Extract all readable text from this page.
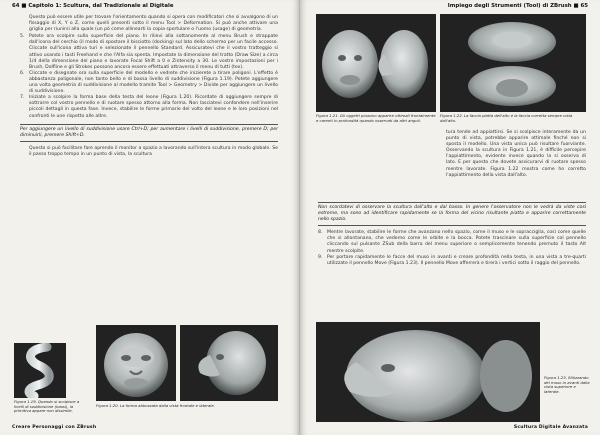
64 ■ Capitolo 1: Scultura, dal Tradizionale al Digitale

Questo può essere utile per trovare l'orientamento quando si opera con modificatori che si avvalgono di un fissaggio di X, Y o Z, come quelli presenti sotto il menu Tool > Deformation. Si può anche attivare una griglia per riunirsi alla quale (un pò come allinearti la copia sportulare o l'uomo (usage) di geometria.

5.	Potete ora scolpire sulla superficie del piano. In rilievi alla sottanomente al menu Brush e strappate dall'icona del cerchio (il modo di spostare il bisciotto (docking) sul lato dello schermo per un facile accesso. Cliccate sull'icona attiva turi e selezionate il pennello Standard. Assicuratevi che il vostro tratteggio si attivo usando i tasti Freehand e che l'Alfa sia spenta. Impostate la dimensione del tratto (Draw Size) a circa 1/4 della dimensione del piano e lavorate Focal Shift a 0 e Zintensity a 30. Le vostre impostazioni per i Brush, Dolfline e gli Strokes possono ancora essere effettuati attraverso il menu di tutti (tex).
6.	Cliccate e disegnate ora sulla superficie del modello e vedrete che inizierete a tirare poligoni. L'effetto è abbastanza poligonale, non tanto bello e di bassa livello di suddivisione (Figura 1.19). Potete aggiungere una volta geometria di suddivisione al modello tramite Tool > Geometry > Divide per aggiungere un livello di suddivisione.
7.	Iniziate a scolpire la forma base della testa del leone (Figura 1.20). Ricordate di aggiungere sempre di sottrarre col vostro pennello e di ruotare spesso attorno alla forma. Non lasciatevi confondere nell'inserire piccoli dettagli in questa fase. Invece, stabilire le forme primarie del volto del leone e le loro posizioni nel confronti le une rispetto alle altre.
Per aggiungere un livello di suddivisione usare Ctrl+D; per aumentare i livelli di suddivisione, premere D; per diminuirli, premere Shift+D.

Questo si può facilitare fare aprendo il monitor a spazio a lavorando sull'intera scultura in modo globale. Se il passo troppo tempo in un punto di vista, la scultura

Figura 1.19. Quando si scolpisce a livelli di suddivisione (bassi), la primitiva appare non dissimile.
Figura 1.20. La forma abbozzata dalla vista frontale e laterale.
Creare Personaggi con ZBrush
Impiego degli Strumenti (Tool) di ZBrush ■ 65
Figura 1.21. Gli oggetti possono apparire ottimali frontalmente e carenti in profondità quando osservati da altri angoli.
Figura 1.22. La faccia piatta dell'alto e la faccia corretta sempre vista dall'alto.
tura tende ad appiattirsi. Se si scolpisce interamente da un punto di vista, potrebbe apparire ottimale finché non si sposta il modello. Una vista unica può risultare fuorviante. Osservando la scultura in Figura 1.21, è difficile percepire l'appiattimento, evidente invece quando la si osserva di lato. E per questo che dovete assicurarvi di ruotare spesso mentre lavorate. Figura 1.22 mostra come ho corretto l'appiattimento della vista dall'alto.
Non scordatevi di osservare la scultura dall'alto e dal basso. In genere l'osservatore non le vedrà da viste così estreme, ma sono ad identificare rapidamente se la forma del vicino risultante piatta e apparire correttamente nello spazio.
8.	Mentre lavorate, stabilire le forme che avanzano nello spazio, come il muso e le sopracciglia, così come quelle che si allontanano, che vederno come le orbite e la bocca. Potete trascinare sulla superficie col pennello cliccando sul pulsante ZSub della barra del menu superiore o semplicemente tenendo premuto il tasto Alt mentre scolpite.
9.	Per portare rapidamente le facce del muso in avanti e creare profondità nella testa, in una vista a tre-quarti utilizzate il pennello Move (Figura 1.23). Il pennello Move afferrerà e tirerà i vertici sotto il raggio del pennello.
Figura 1.23. Stilizzando del muso in avanti dalla vista superiore e laterale.
Scultura Digitale Avanzata
